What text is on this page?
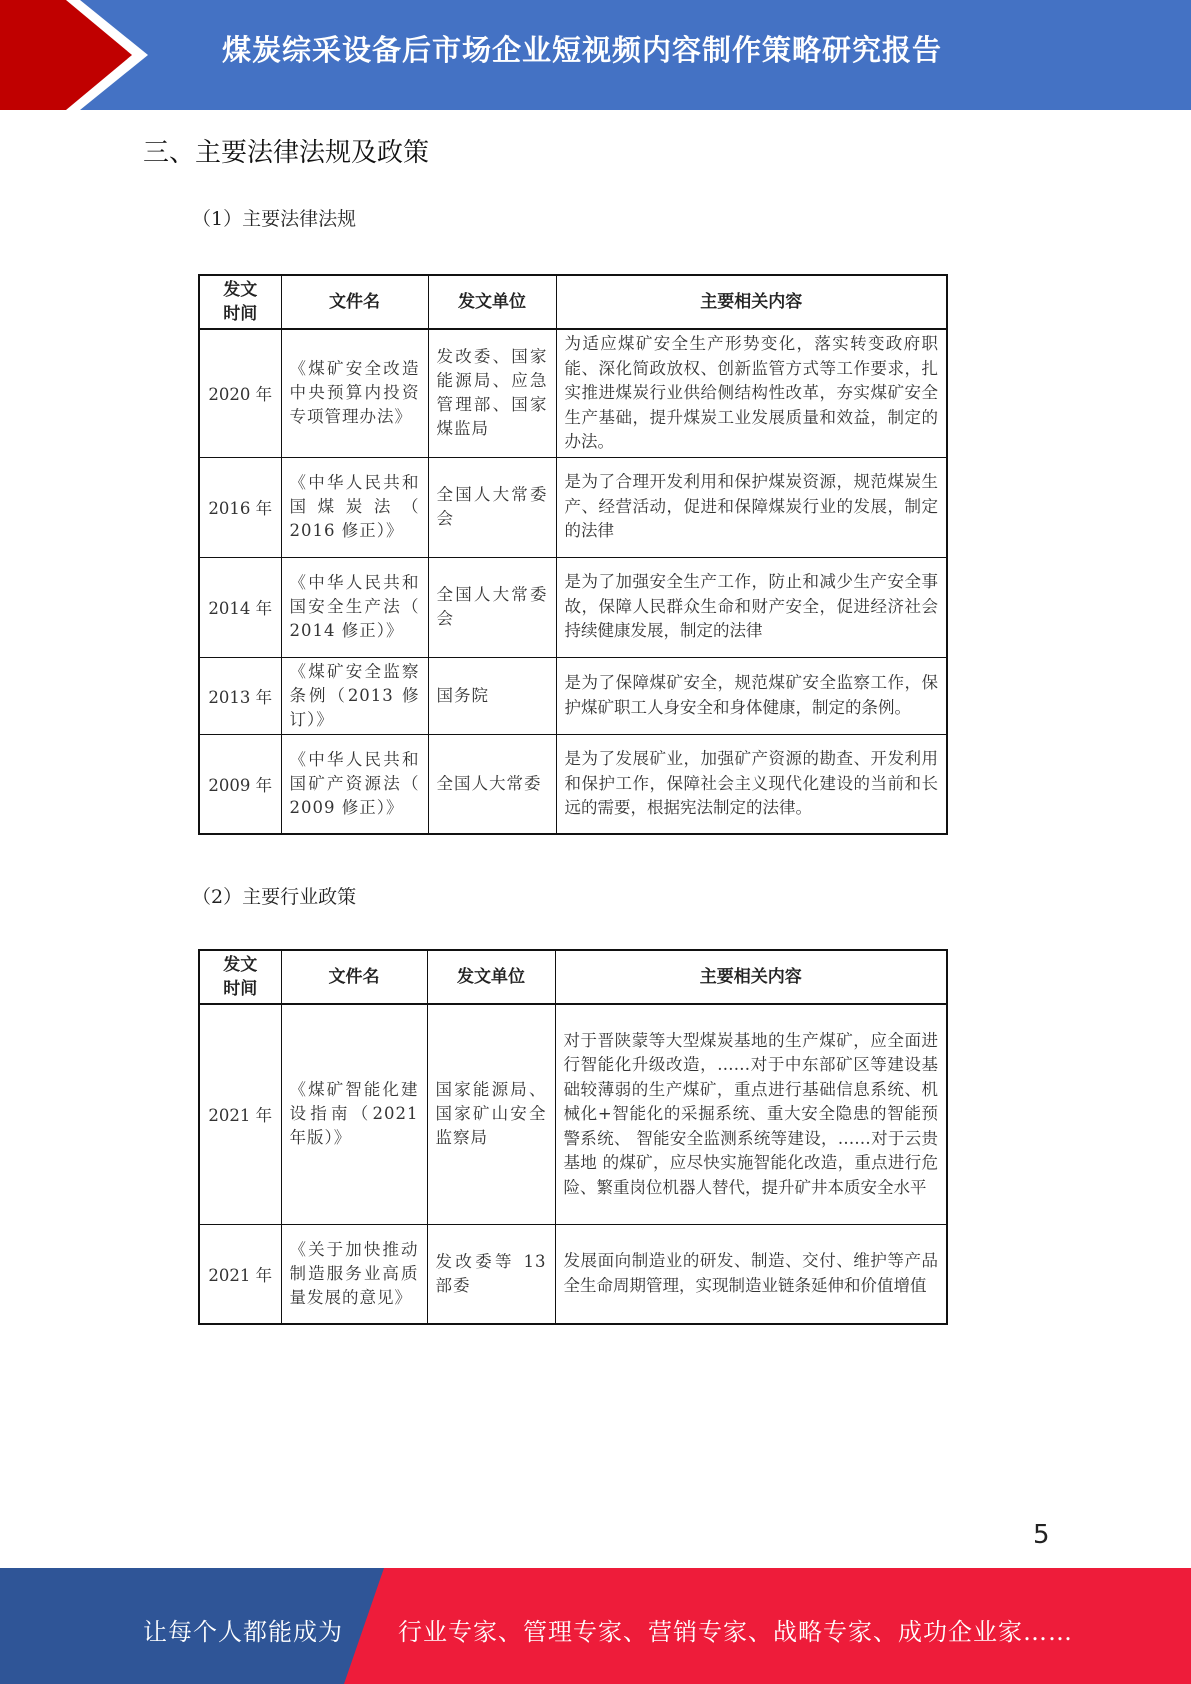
煤炭综采设备后市场企业短视频内容制作策略研究报告
三、主要法律法规及政策
（1）主要法律法规
发文
时间	文件名	发文单位	主要相关内容
2020 年	《煤矿安全改造中央预算内投资专项管理办法》	发改委、国家能源局、应急管理部、国家煤监局	为适应煤矿安全生产形势变化，落实转变政府职能、深化简政放权、创新监管方式等工作要求，扎实推进煤炭行业供给侧结构性改革，夯实煤矿安全生产基础，提升煤炭工业发展质量和效益，制定的办法。
2016 年	《中华人民共和国煤炭法（ 2016 修正）》	全国人大常委会	是为了合理开发利用和保护煤炭资源，规范煤炭生产、经营活动，促进和保障煤炭行业的发展，制定的法律
2014 年	《中华人民共和国安全生产法（ 2014 修正）》	全国人大常委会	是为了加强安全生产工作，防止和减少生产安全事故，保障人民群众生命和财产安全，促进经济社会持续健康发展，制定的法律
2013 年	《煤矿安全监察条例（2013 修订）》	国务院	是为了保障煤矿安全，规范煤矿安全监察工作，保护煤矿职工人身安全和身体健康，制定的条例。
2009 年	《中华人民共和国矿产资源法（ 2009 修正）》	全国人大常委	是为了发展矿业，加强矿产资源的勘查、开发利用和保护工作，保障社会主义现代化建设的当前和长远的需要，根据宪法制定的法律。
（2）主要行业政策
发文
时间	文件名	发文单位	主要相关内容
2021 年	《煤矿智能化建设指南（2021 年版）》	国家能源局、国家矿山安全监察局	对于晋陕蒙等大型煤炭基地的生产煤矿，应全面进行智能化升级改造，……对于中东部矿区等建设基础较薄弱的生产煤矿，重点进行基础信息系统、机械化+智能化的采掘系统、重大安全隐患的智能预警系统、 智能安全监测系统等建设，……对于云贵基地 的煤矿，应尽快实施智能化改造，重点进行危险、繁重岗位机器人替代，提升矿井本质安全水平
2021 年	《关于加快推动制造服务业高质量发展的意见》	发改委等 13 部委	发展面向制造业的研发、制造、交付、维护等产品全生命周期管理，实现制造业链条延伸和价值增值
5
让每个人都能成为 行业专家、管理专家、营销专家、战略专家、成功企业家……
